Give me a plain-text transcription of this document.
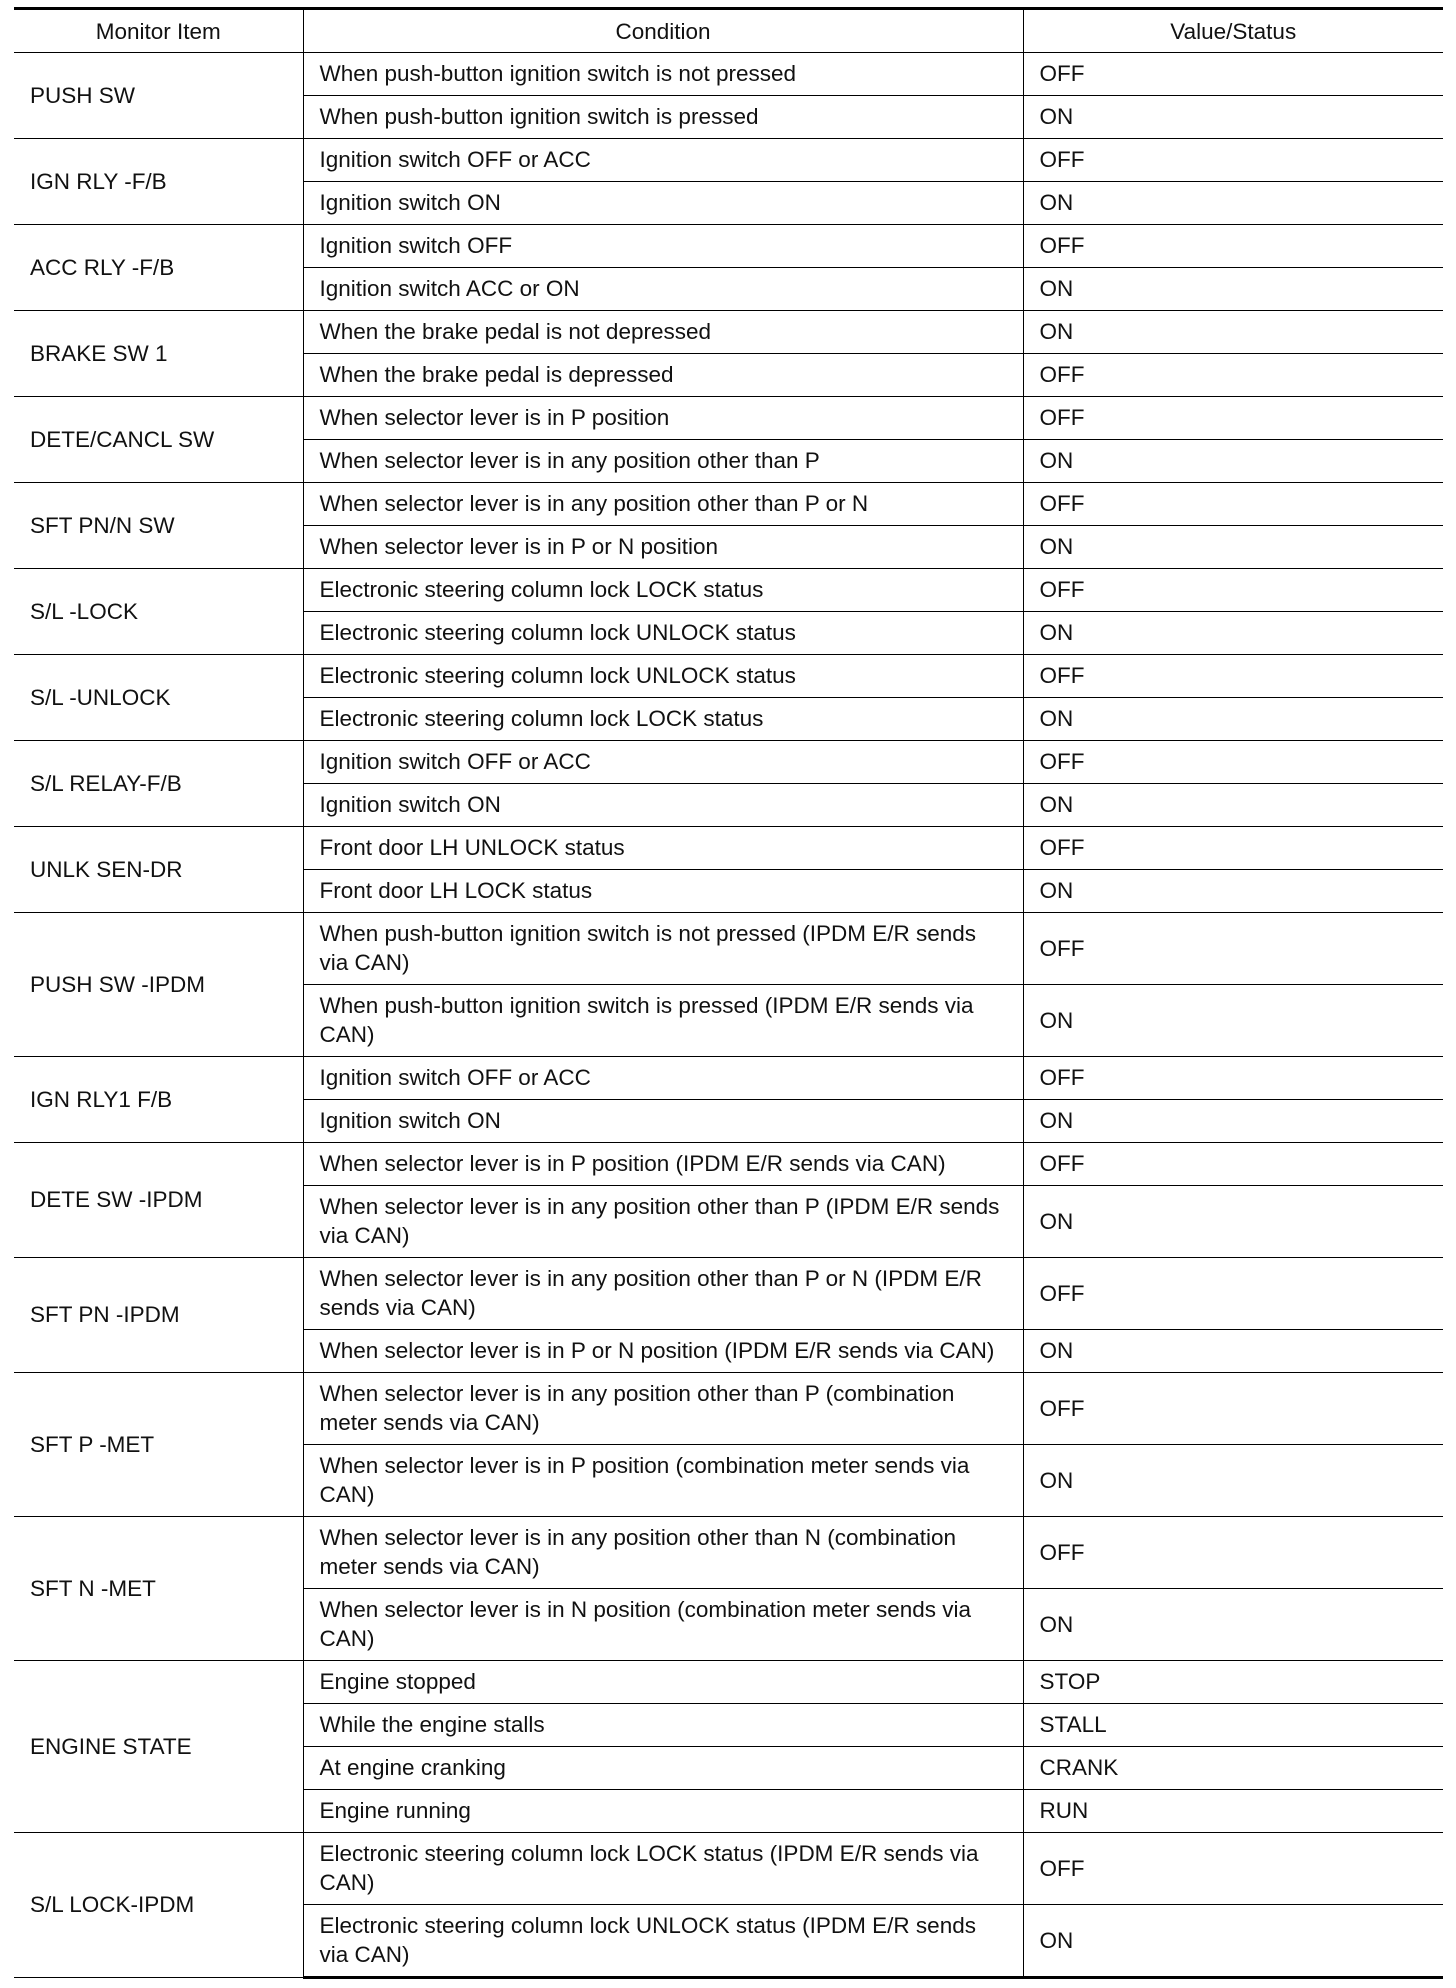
Monitor Item	Condition	Value/Status
PUSH SW	When push-button ignition switch is not pressed	OFF
	When push-button ignition switch is pressed	ON
IGN RLY -F/B	Ignition switch OFF or ACC	OFF
	Ignition switch ON	ON
ACC RLY -F/B	Ignition switch OFF	OFF
	Ignition switch ACC or ON	ON
BRAKE SW 1	When the brake pedal is not depressed	ON
	When the brake pedal is depressed	OFF
DETE/CANCL SW	When selector lever is in P position	OFF
	When selector lever is in any position other than P	ON
SFT PN/N SW	When selector lever is in any position other than P or N	OFF
	When selector lever is in P or N position	ON
S/L -LOCK	Electronic steering column lock LOCK status	OFF
	Electronic steering column lock UNLOCK status	ON
S/L -UNLOCK	Electronic steering column lock UNLOCK status	OFF
	Electronic steering column lock LOCK status	ON
S/L RELAY-F/B	Ignition switch OFF or ACC	OFF
	Ignition switch ON	ON
UNLK SEN-DR	Front door LH UNLOCK status	OFF
	Front door LH LOCK status	ON
PUSH SW -IPDM	When push-button ignition switch is not pressed (IPDM E/R sends via CAN)	OFF
	When push-button ignition switch is pressed (IPDM E/R sends via CAN)	ON
IGN RLY1 F/B	Ignition switch OFF or ACC	OFF
	Ignition switch ON	ON
DETE SW -IPDM	When selector lever is in P position (IPDM E/R sends via CAN)	OFF
	When selector lever is in any position other than P (IPDM E/R sends via CAN)	ON
SFT PN -IPDM	When selector lever is in any position other than P or N (IPDM E/R sends via CAN)	OFF
	When selector lever is in P or N position (IPDM E/R sends via CAN)	ON
SFT P -MET	When selector lever is in any position other than P (combination meter sends via CAN)	OFF
	When selector lever is in P position (combination meter sends via CAN)	ON
SFT N -MET	When selector lever is in any position other than N (combination meter sends via CAN)	OFF
	When selector lever is in N position (combination meter sends via CAN)	ON
ENGINE STATE	Engine stopped	STOP
	While the engine stalls	STALL
	At engine cranking	CRANK
	Engine running	RUN
S/L LOCK-IPDM	Electronic steering column lock LOCK status (IPDM E/R sends via CAN)	OFF
	Electronic steering column lock UNLOCK status (IPDM E/R sends via CAN)	ON
